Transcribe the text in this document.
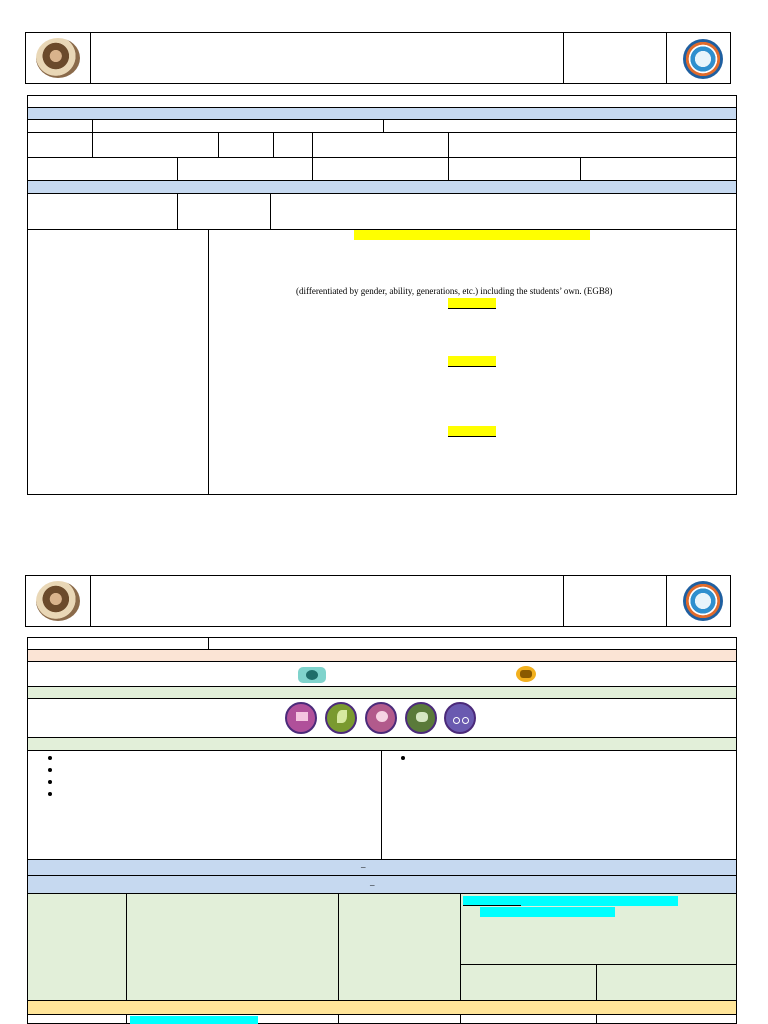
(differentiated by gender, ability, generations, etc.) including the students’ own. (EGB8)
–
–
